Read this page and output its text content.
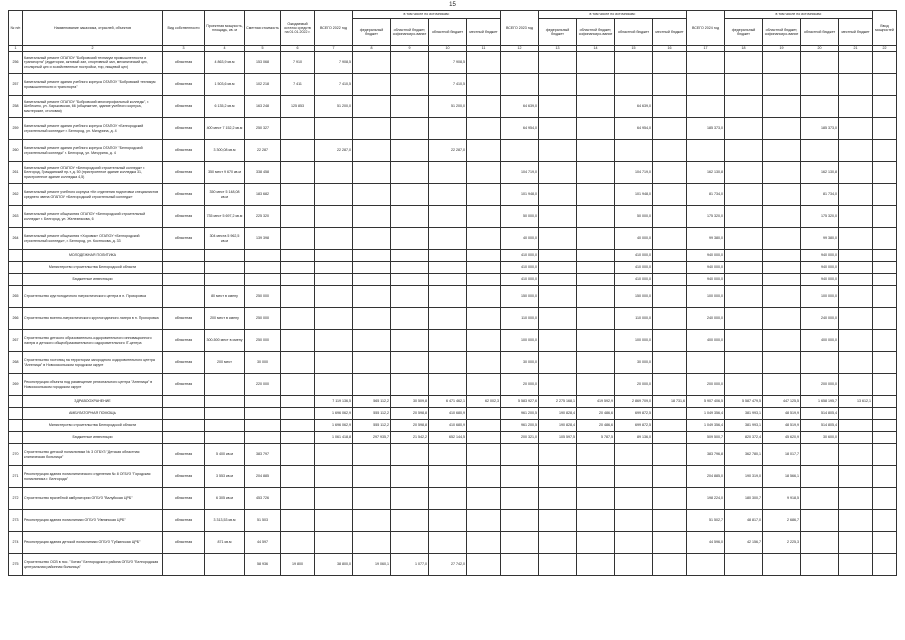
15
№ п/п	Наименование заказчика, отраслей, объектов	Вид собственности	Проектная мощность, площадь, кв. м	Сметная стоимость	Ожидаемый остаток средств на 01.01.2022 г.	ВСЕГО 2022 год	в том числе по источникам:				ВСЕГО 2023 год	в том числе по источникам:				ВСЕГО 2024 год	в том числе по источникам:				Ввод мощностей	
							федеральный бюджет	областной бюджет, софинансиро-вание	областной бюджет	местный бюджет		федеральный бюджет	областной бюджет, софинансиро-вание	областной бюджет	местный бюджет		федеральный бюджет	областной бюджет, софинансиро-вание	областной бюджет	местный бюджет		
1	2	3	4	5	6	7	8	9	10	11	12	13	14	15	16	17	18	19	20	21	22	
256	Капитальный ремонт ОГАПОУ "Бобровский техникум промышленности и транспорта" (аудитории, актовый зал, спортивный зал, механический цех, столярный цех и хозяйственные постройки, тир, пищевой цех)	областная	4 863,9 кв.м	153 068	7 910	7 908,5			7 908,5													
257	Капитальный ремонт здания учебного корпуса ОГАПОУ "Бобровский техникум промышленности и транспорта"	областная	1 503,6 кв.м	102 218	7 411	7 410,5			7 410,5													
258	Капитальный ремонт ОГАПОУ "Бобровский многопрофильный колледж", г. Шебекино, ул. Харьковская, 66 (общежитие, здание учебного корпуса, мастерские, столовая)	областная	6 135,2 кв.м	163 248	125 853	51 200,0			51 200,0		64 639,0			64 639,0								
259	Капитальный ремонт здания учебного корпуса ОГАПОУ «Белгородский строительный колледж» г. Белгород, ул. Мичурина, д. 4	областная	400 мест 7 152,2 кв.м	250 327							64 954,0			64 954,0		185 373,0			185 373,0			
260	Капитальный ремонт здания учебного корпуса ОГАПОУ "Белгородский строительный колледж" г. Белгород, ул. Мичурина, д. 4	областная	3 300,08 кв.м	22 287		22 287,0			22 287,0													
261	Капитальный ремонт ОГАПОУ «Белгородский строительный колледж» г. Белгород, Гражданский пр-т, д. 50 (пристроенное здание колледжа 31, пристроенное здание колледжа 4,5)	областная	350 мест 9 670 кв.м	338 458							104 719,0			104 719,0		162 130,8			162 130,8			
262	Капитальный ремонт учебного корпуса «Кп отделения подготовки специалистов среднего звена ОГАПОУ «Белгородский строительный колледж»	областная	350 мест 5 148,08 кв.м	183 682							101 948,0			101 948,0		81 734,0			81 734,0			
263	Капитальный ремонт общежития ОГАПОУ «Белгородский строительный колледж» г. Белгород, ул. Железнякова, 6	областная	735 мест 5 697,2 кв.м	225 320							50 000,0			50 000,0		175 320,0			175 320,0			
264	Капитальный ремонт общежития «Хоровик» ОГАПОУ «Белгородский строительный колледж», г. Белгород, ул. Костюкова, д. 33	областная	304 места 5 962,5 кв.м	139 398							40 000,0			40 000,0		99 380,0			99 380,0			
	МОЛОДЕЖНАЯ ПОЛИТИКА										410 000,0			410 000,0		940 000,0			940 000,0			
	Министерство строительства Белгородской области										410 000,0			410 000,0		940 000,0			940 000,0			
	Бюджетные инвестиции										410 000,0			410 000,0		940 000,0			940 000,0			
265	Строительство круглогодичного патриотического центра в п. Прохоровка		80 мест в смену	250 000							150 000,0			150 000,0		100 000,0			100 000,0			
266	Строительство военно-патриотического круглогодичного лагеря в п. Прохоровка	областная	200 мест в смену	250 000							110 000,0			110 000,0		240 000,0			240 000,0			
267	Строительство детского образовательно-оздоровительного инновационного лагеря и детского общеобразовательного оздоровительного IT-центра	областная	300-500 мест в смену	250 000							100 000,0			100 000,0		400 000,0			400 000,0			
268	Строительство гостиниц на территории загородного оздоровительного центра "Ангелица" в Новооскольском городском округе	областная	200 мест	30 000							30 000,0			30 000,0								
269	Реконструкция объекта под размещение регионального центра "Ангелица" в Новооскольском городском округе	областная		220 000							20 000,0			20 000,0		200 000,0			200 000,0			
	ЗДРАВООХРАНЕНИЕ					7 119 136,5	565 112,2	30 509,8	6 471 462,1	62 002,3	5 583 927,6	2 275 168,1	419 592,9	2 869 709,0	18 731,6	5 907 406,5	5 587 479,5	447 125,5	1 658 195,7	13 612,1		
	АМБУЛАТОРНАЯ ПОМОЩЬ					1 696 062,9	555 112,2	20 598,8	410 680,9		961 200,5	190 828,4	20 486,6	699 872,5		1 049 356,4	381 993,1	48 519,9	514 805,4			
	Министерство строительства Белгородской области					1 696 062,9	555 112,2	20 598,8	410 680,9		961 200,5	190 828,4	20 486,6	699 872,5		1 049 356,4	381 993,1	48 519,9	514 805,4			
	Бюджетные инвестиции					1 061 418,8	297 935,7	21 542,2	652 144,5		200 321,0	105 597,5	5 787,5	89 136,0		509 500,7	820 372,4	45 620,9	30 600,0			
270	Строительство детской поликлиники № 3 ОГБУЗ "Детская областная клиническая больница"	областная	5 400 кв.м	383 797												383 796,8	362 780,1	18 017,7				
271	Реконструкция здания поликлинического отделения № 8 ОГБУЗ "Городская поликлиника г. Белгорода"	областная	3 553 кв.м	204 885												204 885,0	190 319,0	18 566,1				
272	Строительство врачебной амбулатории ОГБУЗ "Валуйская ЦРБ"	областная	6 305 кв.м	453 726												198 224,0	180 300,7	9 918,5				
273	Реконструкция здания поликлиники ОГБУЗ "Ивнянская ЦРБ"	областная	3 313,53 кв.м	51 503												51 502,7	48 817,0	2 686,7				
274	Реконструкция здания детской поликлиники ОГБУЗ "Губкинская ЦРБ"	областная	871 кв.м	44 597												44 596,0	42 156,7	2 225,3				
275	Строительство ОСВ в пос. "Хотмо" Белгородского района ОГБУЗ "Белгородская центральная районная больница"			58 936	19 800	38 800,0	19 060,1	1 077,0	27 742,0													
